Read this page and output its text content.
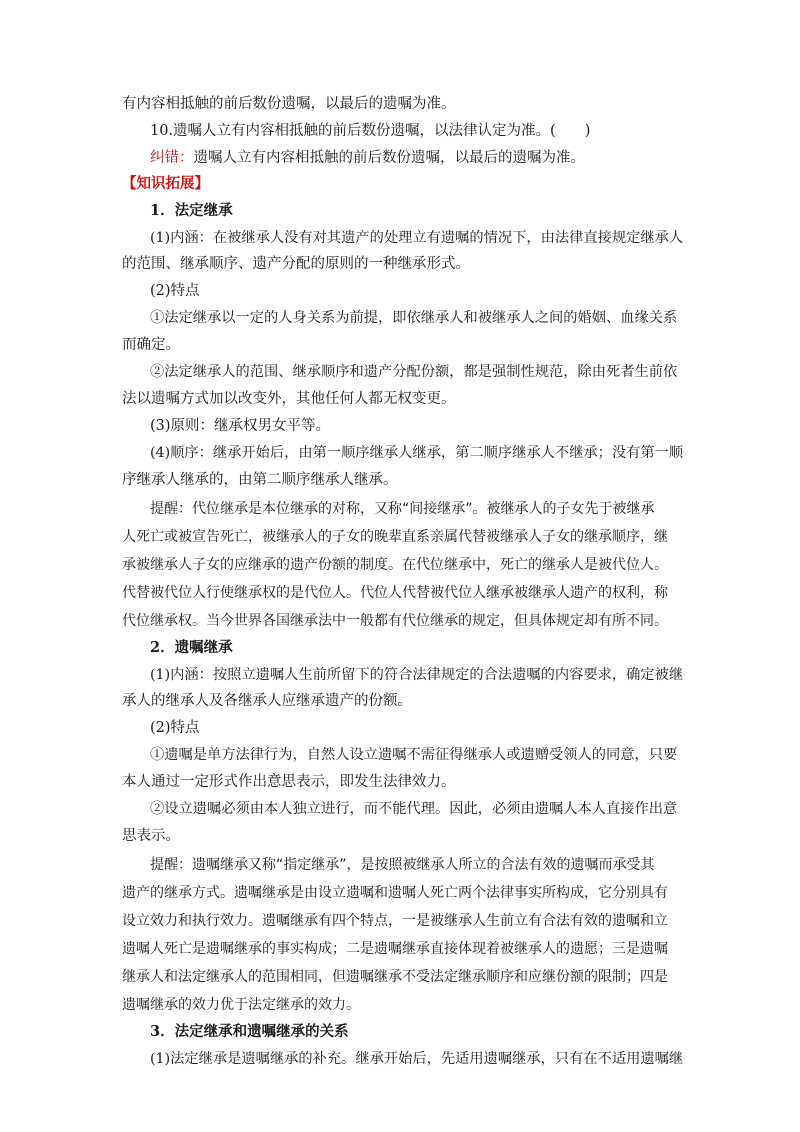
有内容相抵触的前后数份遗嘱，以最后的遗嘱为准。
10.遗嘱人立有内容相抵触的前后数份遗嘱，以法律认定为准。(　　)
纠错：遗嘱人立有内容相抵触的前后数份遗嘱，以最后的遗嘱为准。
【知识拓展】
1．法定继承
(1)内涵：在被继承人没有对其遗产的处理立有遗嘱的情况下，由法律直接规定继承人
的范围、继承顺序、遗产分配的原则的一种继承形式。
(2)特点
①法定继承以一定的人身关系为前提，即依继承人和被继承人之间的婚姻、血缘关系
而确定。
②法定继承人的范围、继承顺序和遗产分配份额，都是强制性规范，除由死者生前依
法以遗嘱方式加以改变外，其他任何人都无权变更。
(3)原则：继承权男女平等。
(4)顺序：继承开始后，由第一顺序继承人继承，第二顺序继承人不继承；没有第一顺
序继承人继承的，由第二顺序继承人继承。
提醒：代位继承是本位继承的对称，又称“间接继承”。被继承人的子女先于被继承
人死亡或被宣告死亡，被继承人的子女的晚辈直系亲属代替被继承人子女的继承顺序，继
承被继承人子女的应继承的遗产份额的制度。在代位继承中，死亡的继承人是被代位人。
代替被代位人行使继承权的是代位人。代位人代替被代位人继承被继承人遗产的权利，称
代位继承权。当今世界各国继承法中一般都有代位继承的规定，但具体规定却有所不同。
2．遗嘱继承
(1)内涵：按照立遗嘱人生前所留下的符合法律规定的合法遗嘱的内容要求，确定被继
承人的继承人及各继承人应继承遗产的份额。
(2)特点
①遗嘱是单方法律行为，自然人设立遗嘱不需征得继承人或遗赠受领人的同意，只要
本人通过一定形式作出意思表示，即发生法律效力。
②设立遗嘱必须由本人独立进行，而不能代理。因此，必须由遗嘱人本人直接作出意
思表示。
提醒：遗嘱继承又称“指定继承”，是按照被继承人所立的合法有效的遗嘱而承受其
遗产的继承方式。遗嘱继承是由设立遗嘱和遗嘱人死亡两个法律事实所构成，它分别具有
设立效力和执行效力。遗嘱继承有四个特点，一是被继承人生前立有合法有效的遗嘱和立
遗嘱人死亡是遗嘱继承的事实构成；二是遗嘱继承直接体现着被继承人的遗愿；三是遗嘱
继承人和法定继承人的范围相同，但遗嘱继承不受法定继承顺序和应继份额的限制；四是
遗嘱继承的效力优于法定继承的效力。
3．法定继承和遗嘱继承的关系
(1)法定继承是遗嘱继承的补充。继承开始后，先适用遗嘱继承，只有在不适用遗嘱继
